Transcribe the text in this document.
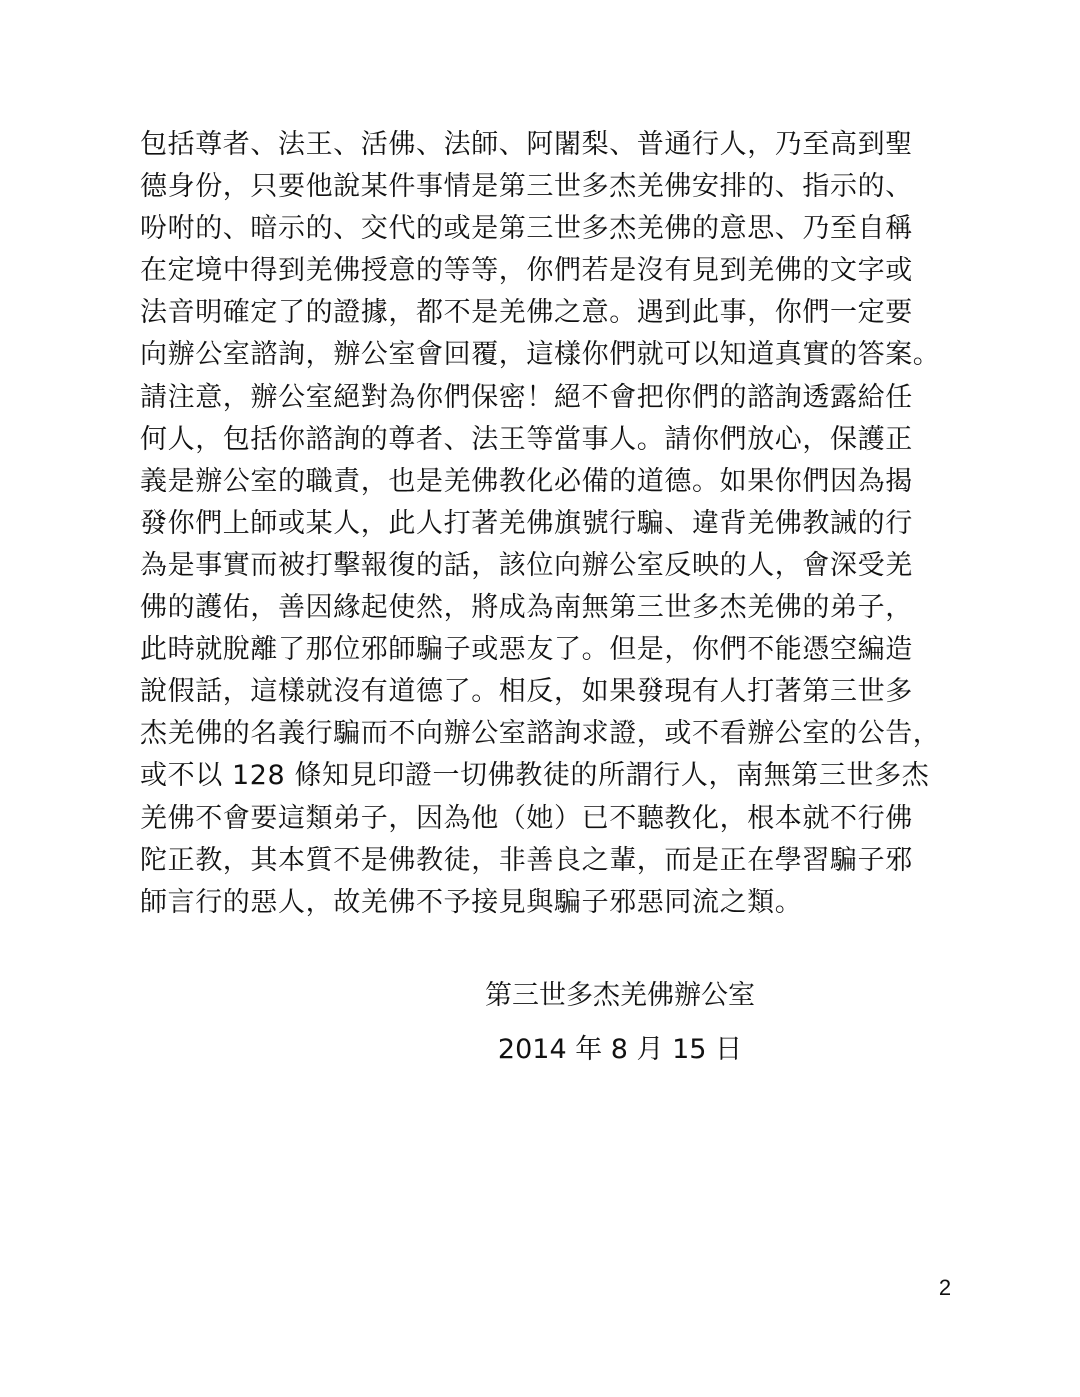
包括尊者、法王、活佛、法師、阿闍梨、普通行人，乃至高到聖
德身份，只要他說某件事情是第三世多杰羌佛安排的、指示的、
吩咐的、暗示的、交代的或是第三世多杰羌佛的意思、乃至自稱
在定境中得到羌佛授意的等等，你們若是沒有見到羌佛的文字或
法音明確定了的證據，都不是羌佛之意。遇到此事，你們一定要
向辦公室諮詢，辦公室會回覆，這樣你們就可以知道真實的答案。
請注意，辦公室絕對為你們保密！絕不會把你們的諮詢透露給任
何人，包括你諮詢的尊者、法王等當事人。請你們放心，保護正
義是辦公室的職責，也是羌佛教化必備的道德。如果你們因為揭
發你們上師或某人，此人打著羌佛旗號行騙、違背羌佛教誡的行
為是事實而被打擊報復的話，該位向辦公室反映的人，會深受羌
佛的護佑，善因緣起使然，將成為南無第三世多杰羌佛的弟子，
此時就脫離了那位邪師騙子或惡友了。但是，你們不能憑空編造
說假話，這樣就沒有道德了。相反，如果發現有人打著第三世多
杰羌佛的名義行騙而不向辦公室諮詢求證，或不看辦公室的公告，
或不以 128 條知見印證一切佛教徒的所謂行人，南無第三世多杰
羌佛不會要這類弟子，因為他（她）已不聽教化，根本就不行佛
陀正教，其本質不是佛教徒，非善良之輩，而是正在學習騙子邪
師言行的惡人，故羌佛不予接見與騙子邪惡同流之類。
第三世多杰羌佛辦公室
2014 年 8 月 15 日
2
